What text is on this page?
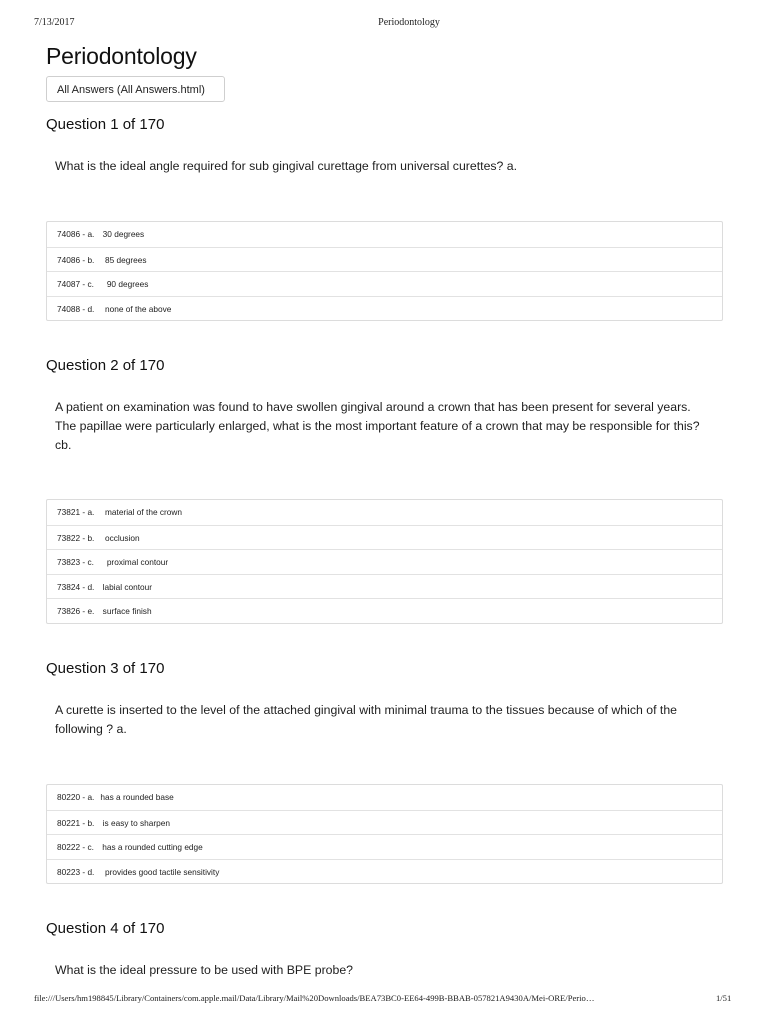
7/13/2017	Periodontology
Periodontology
All Answers (All Answers.html)
Question 1 of 170

What is the ideal angle required for sub gingival curettage from universal curettes? a.

74086 - a. 30 degrees
74086 - b.  85 degrees
74087 - c.   90 degrees
74088 - d.  none of the above
Question 2 of 170

A patient on examination was found to have swollen gingival around a crown that has been present for several years. The papillae were particularly enlarged, what is the most important feature of a crown that may be responsible for this? cb.

73821 - a.  material of the crown
73822 - b.  occlusion
73823 - c.   proximal contour
73824 - d. labial contour
73826 - e. surface finish
Question 3 of 170

A curette is inserted to the level of the attached gingival with minimal trauma to the tissues because of which of the following ? a.

80220 - a. has a rounded base
80221 - b. is easy to sharpen
80222 - c. has a rounded cutting edge
80223 - d.  provides good tactile sensitivity
Question 4 of 170

What is the ideal pressure to be used with BPE probe?

file:///Users/hm198845/Library/Containers/com.apple.mail/Data/Library/Mail%20Downloads/BEA73BC0-EE64-499B-BBAB-057821A9430A/Mei-ORE/Perio…	1/51
